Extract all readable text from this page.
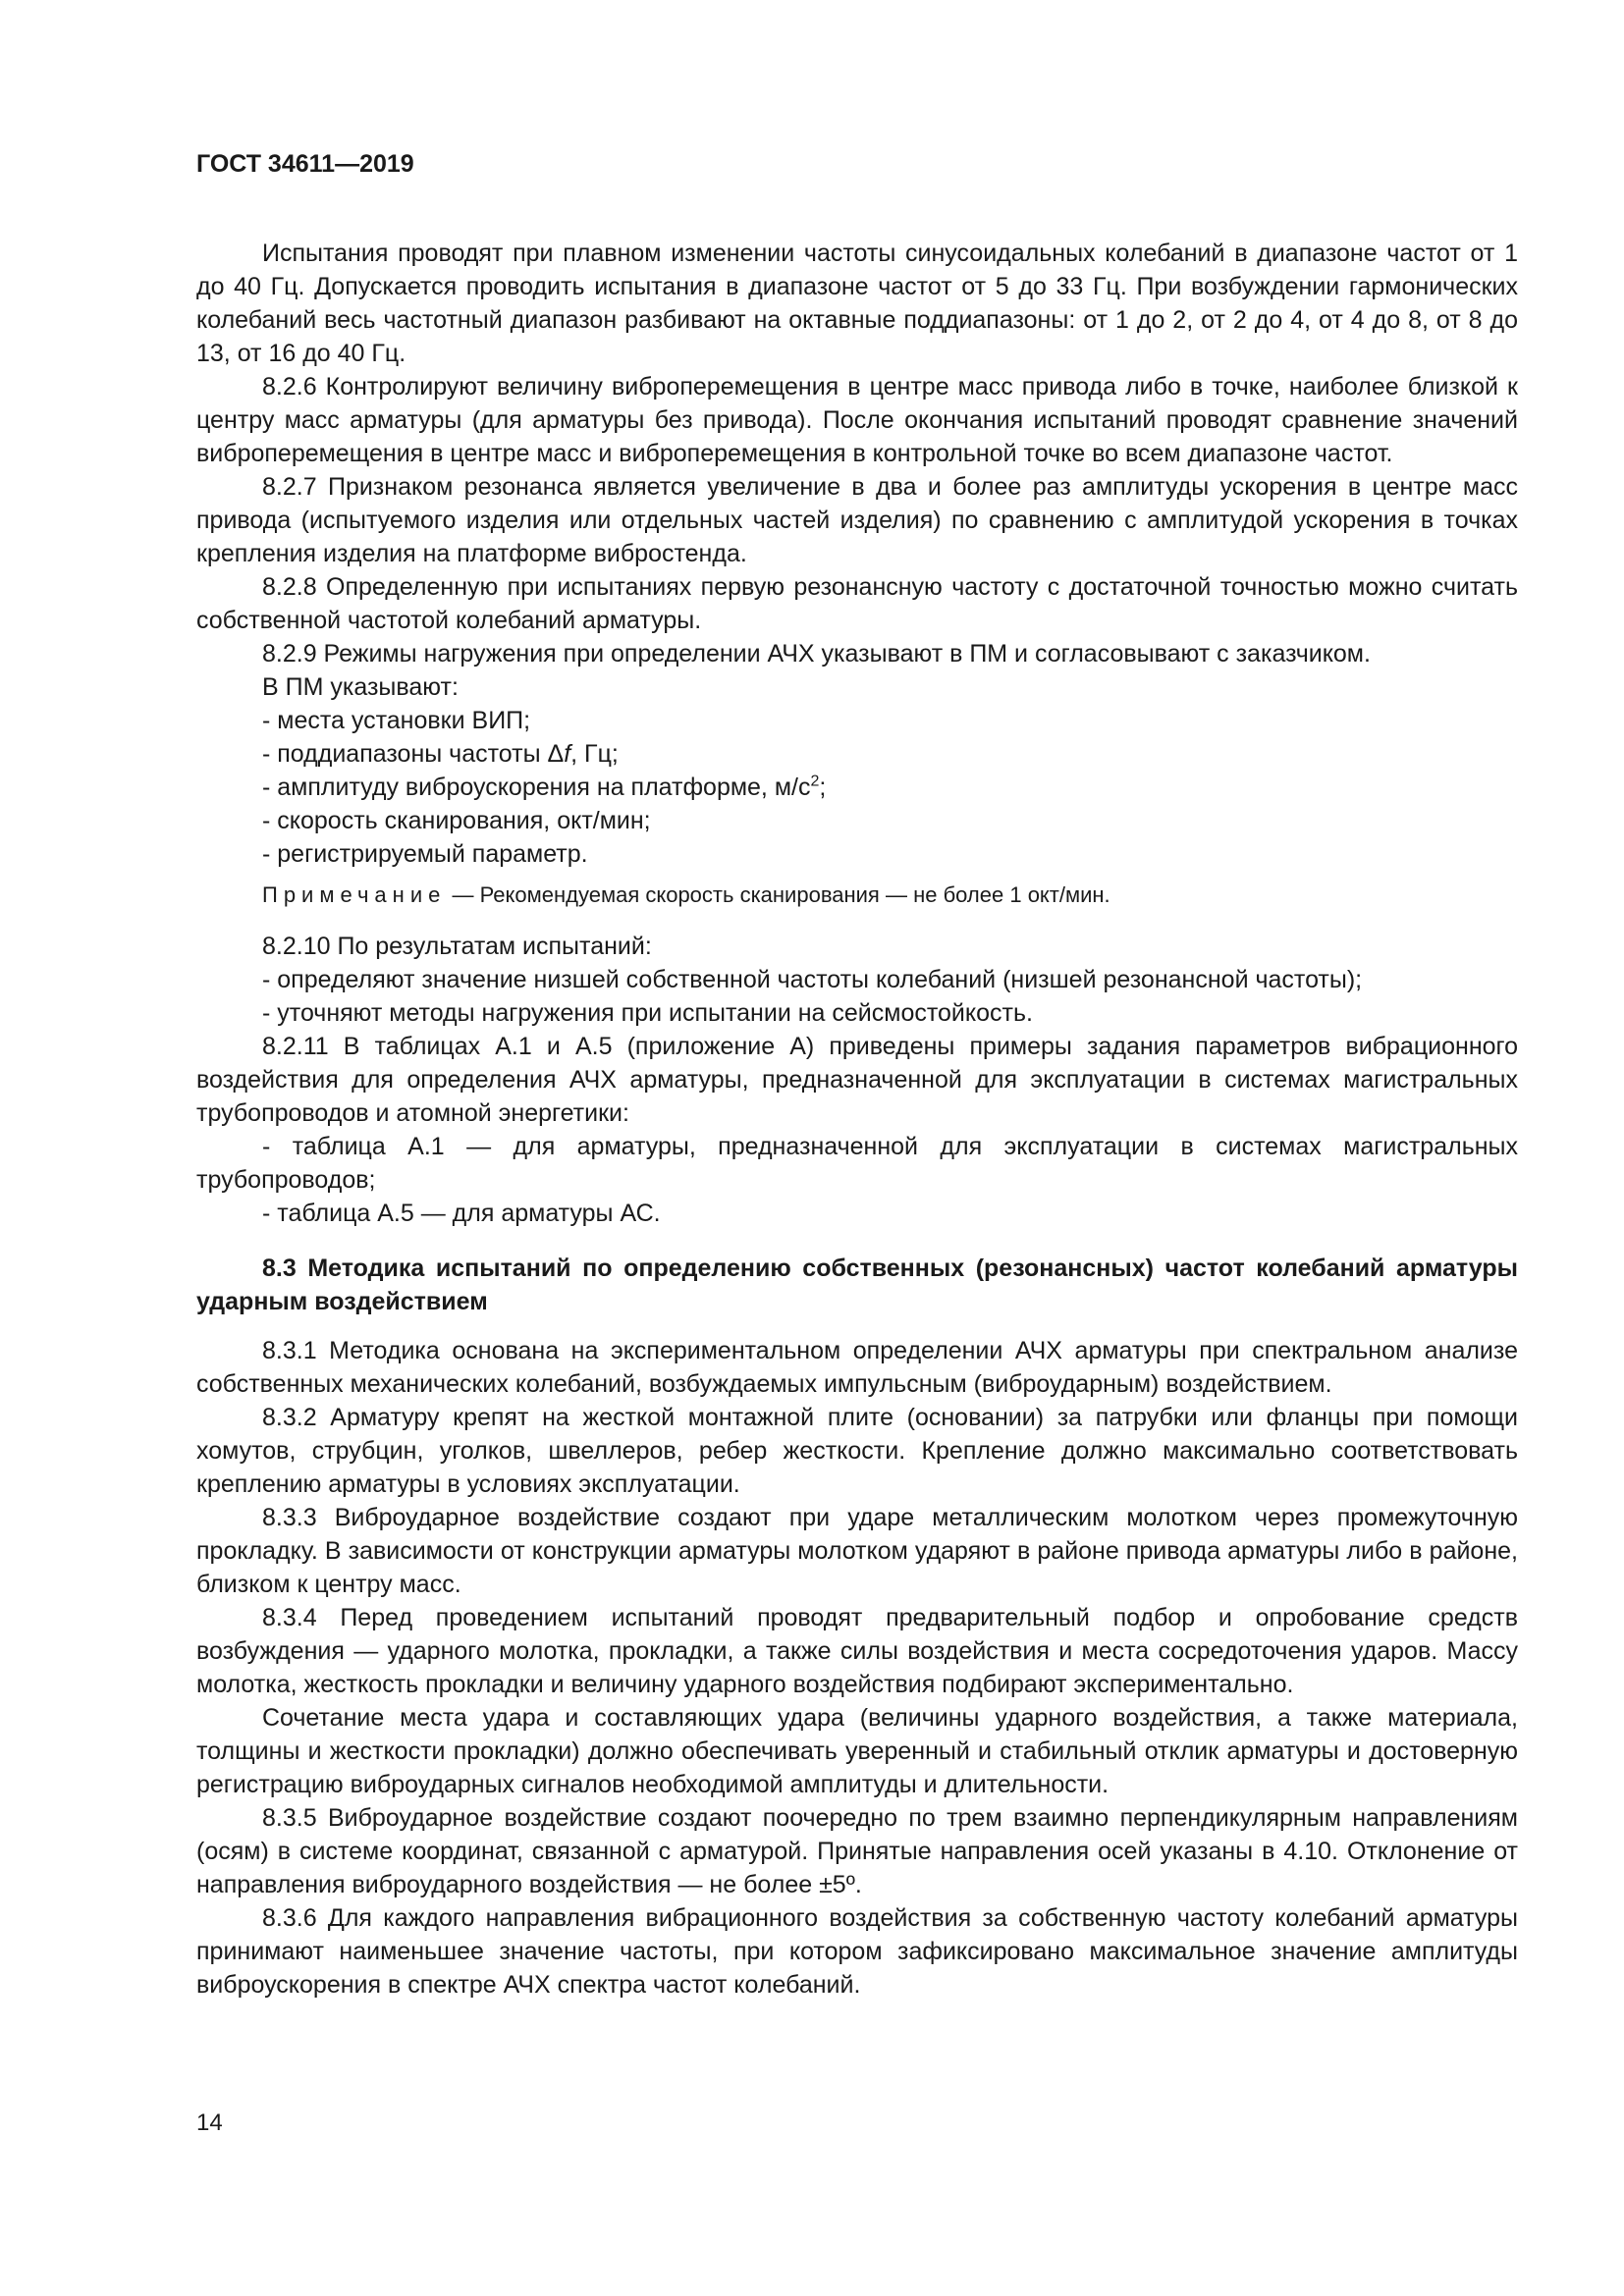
ГОСТ 34611—2019

Испытания проводят при плавном изменении частоты синусоидальных колебаний в диапазоне частот от 1 до 40 Гц. Допускается проводить испытания в диапазоне частот от 5 до 33 Гц. При возбуждении гармонических колебаний весь частотный диапазон разбивают на октавные поддиапазоны: от 1 до 2, от 2 до 4, от 4 до 8, от 8 до 13, от 16 до 40 Гц.

8.2.6 Контролируют величину виброперемещения в центре масс привода либо в точке, наиболее близкой к центру масс арматуры (для арматуры без привода). После окончания испытаний проводят сравнение значений виброперемещения в центре масс и виброперемещения в контрольной точке во всем диапазоне частот.

8.2.7 Признаком резонанса является увеличение в два и более раз амплитуды ускорения в центре масс привода (испытуемого изделия или отдельных частей изделия) по сравнению с амплитудой ускорения в точках крепления изделия на платформе вибростенда.

8.2.8 Определенную при испытаниях первую резонансную частоту с достаточной точностью можно считать собственной частотой колебаний арматуры.

8.2.9 Режимы нагружения при определении АЧХ указывают в ПМ и согласовывают с заказчиком.

В ПМ указывают:

- места установки ВИП;

- поддиапазоны частоты Δf, Гц;

- амплитуду виброускорения на платформе, $м/с^2$;

- скорость сканирования, окт/мин;

- регистрируемый параметр.

Примечание — Рекомендуемая скорость сканирования — не более 1 окт/мин.

8.2.10 По результатам испытаний:

- определяют значение низшей собственной частоты колебаний (низшей резонансной частоты);

- уточняют методы нагружения при испытании на сейсмостойкость.

8.2.11 В таблицах А.1 и А.5 (приложение А) приведены примеры задания параметров вибрационного воздействия для определения АЧХ арматуры, предназначенной для эксплуатации в системах магистральных трубопроводов и атомной энергетики:

- таблица А.1 — для арматуры, предназначенной для эксплуатации в системах магистральных трубопроводов;

- таблица А.5 — для арматуры АС.

8.3 Методика испытаний по определению собственных (резонансных) частот колебаний арматуры ударным воздействием

8.3.1 Методика основана на экспериментальном определении АЧХ арматуры при спектральном анализе собственных механических колебаний, возбуждаемых импульсным (виброударным) воздействием.

8.3.2 Арматуру крепят на жесткой монтажной плите (основании) за патрубки или фланцы при помощи хомутов, струбцин, уголков, швеллеров, ребер жесткости. Крепление должно максимально соответствовать креплению арматуры в условиях эксплуатации.

8.3.3 Виброударное воздействие создают при ударе металлическим молотком через промежуточную прокладку. В зависимости от конструкции арматуры молотком ударяют в районе привода арматуры либо в районе, близком к центру масс.

8.3.4 Перед проведением испытаний проводят предварительный подбор и опробование средств возбуждения — ударного молотка, прокладки, а также силы воздействия и места сосредоточения ударов. Массу молотка, жесткость прокладки и величину ударного воздействия подбирают экспериментально.

Сочетание места удара и составляющих удара (величины ударного воздействия, а также материала, толщины и жесткости прокладки) должно обеспечивать уверенный и стабильный отклик арматуры и достоверную регистрацию виброударных сигналов необходимой амплитуды и длительности.

8.3.5 Виброударное воздействие создают поочередно по трем взаимно перпендикулярным направлениям (осям) в системе координат, связанной с арматурой. Принятые направления осей указаны в 4.10. Отклонение от направления виброударного воздействия — не более ±5º.

8.3.6 Для каждого направления вибрационного воздействия за собственную частоту колебаний арматуры принимают наименьшее значение частоты, при котором зафиксировано максимальное значение амплитуды виброускорения в спектре АЧХ спектра частот колебаний.

14
